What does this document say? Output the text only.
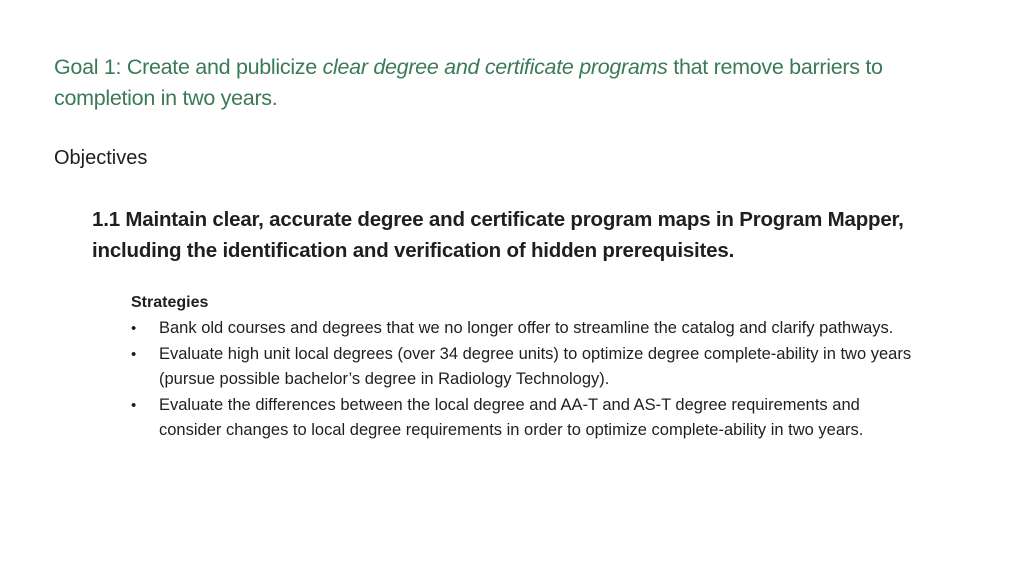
Goal 1: Create and publicize clear degree and certificate programs that remove barriers to completion in two years.
Objectives
1.1 Maintain clear, accurate degree and certificate program maps in Program Mapper, including the identification and verification of hidden prerequisites.
Strategies
• Bank old courses and degrees that we no longer offer to streamline the catalog and clarify pathways.
• Evaluate high unit local degrees (over 34 degree units) to optimize degree complete-ability in two years (pursue possible bachelor’s degree in Radiology Technology).
• Evaluate the differences between the local degree and AA-T and AS-T degree requirements and consider changes to local degree requirements in order to optimize complete-ability in two years.
